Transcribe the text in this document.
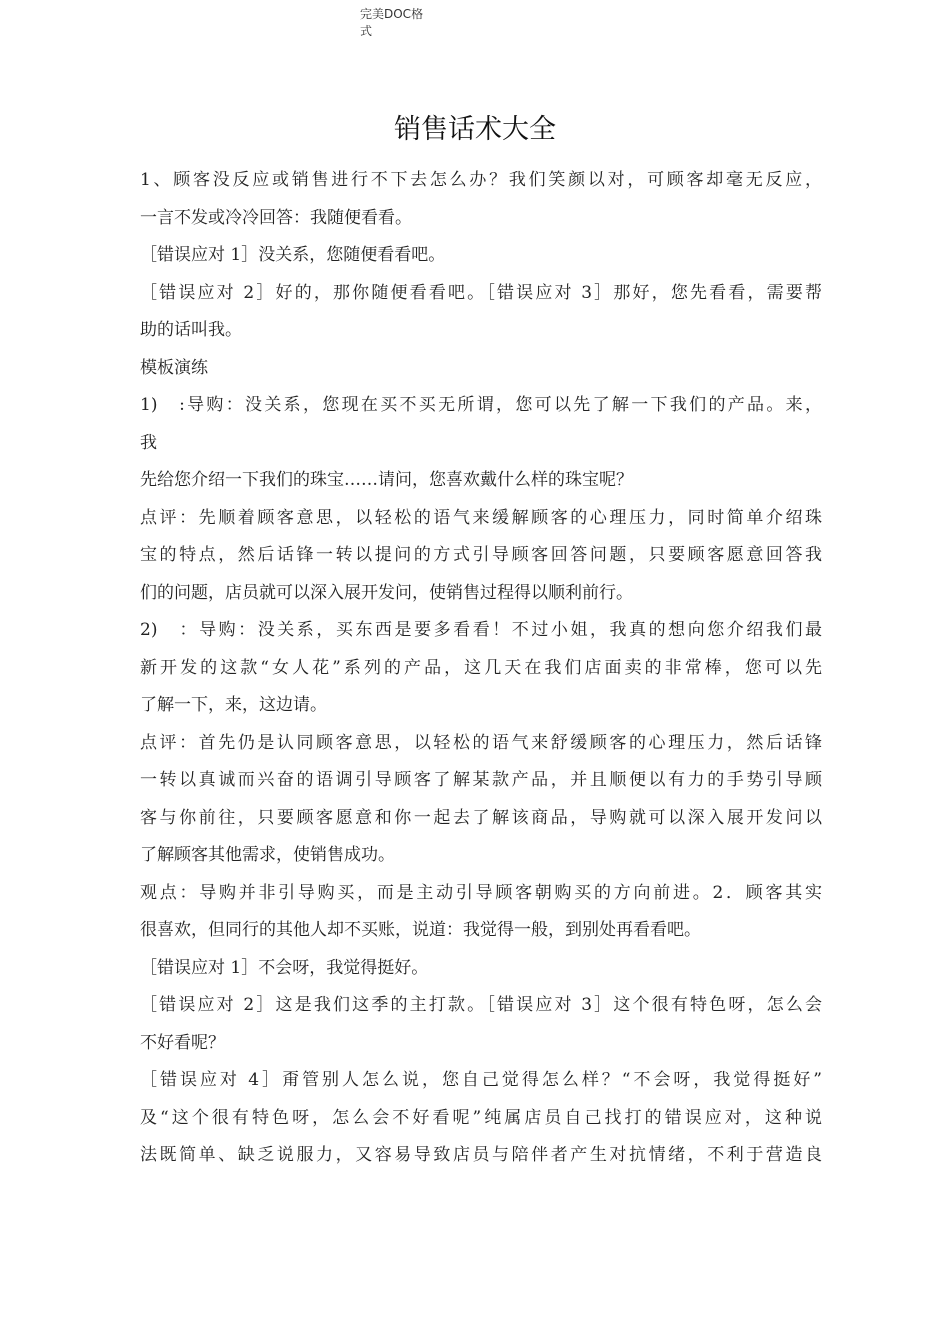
完美DOC格
式
销售话术大全
1、顾客没反应或销售进行不下去怎么办？我们笑颜以对，可顾客却毫无反应，
一言不发或冷冷回答：我随便看看。
［错误应对 1］没关系，您随便看看吧。
［错误应对 2］好的，那你随便看看吧。［错误应对 3］那好，您先看看，需要帮
助的话叫我。
模板演练
1)　:导购：没关系，您现在买不买无所谓，您可以先了解一下我们的产品。来，
我
先给您介绍一下我们的珠宝……请问，您喜欢戴什么样的珠宝呢？
点评：先顺着顾客意思，以轻松的语气来缓解顾客的心理压力，同时简单介绍珠
宝的特点，然后话锋一转以提问的方式引导顾客回答问题，只要顾客愿意回答我
们的问题，店员就可以深入展开发问，使销售过程得以顺利前行。
2)　：导购：没关系，买东西是要多看看！不过小姐，我真的想向您介绍我们最
新开发的这款“女人花”系列的产品，这几天在我们店面卖的非常棒，您可以先
了解一下，来，这边请。
点评：首先仍是认同顾客意思，以轻松的语气来舒缓顾客的心理压力，然后话锋
一转以真诚而兴奋的语调引导顾客了解某款产品，并且顺便以有力的手势引导顾
客与你前往，只要顾客愿意和你一起去了解该商品，导购就可以深入展开发问以
了解顾客其他需求，使销售成功。
观点：导购并非引导购买，而是主动引导顾客朝购买的方向前进。2．顾客其实
很喜欢，但同行的其他人却不买账，说道：我觉得一般，到别处再看看吧。
［错误应对 1］不会呀，我觉得挺好。
［错误应对 2］这是我们这季的主打款。［错误应对 3］这个很有特色呀，怎么会
不好看呢？
［错误应对 4］甭管别人怎么说，您自己觉得怎么样？“不会呀，我觉得挺好”
及“这个很有特色呀，怎么会不好看呢”纯属店员自己找打的错误应对，这种说
法既简单、缺乏说服力，又容易导致店员与陪伴者产生对抗情绪，不利于营造良
